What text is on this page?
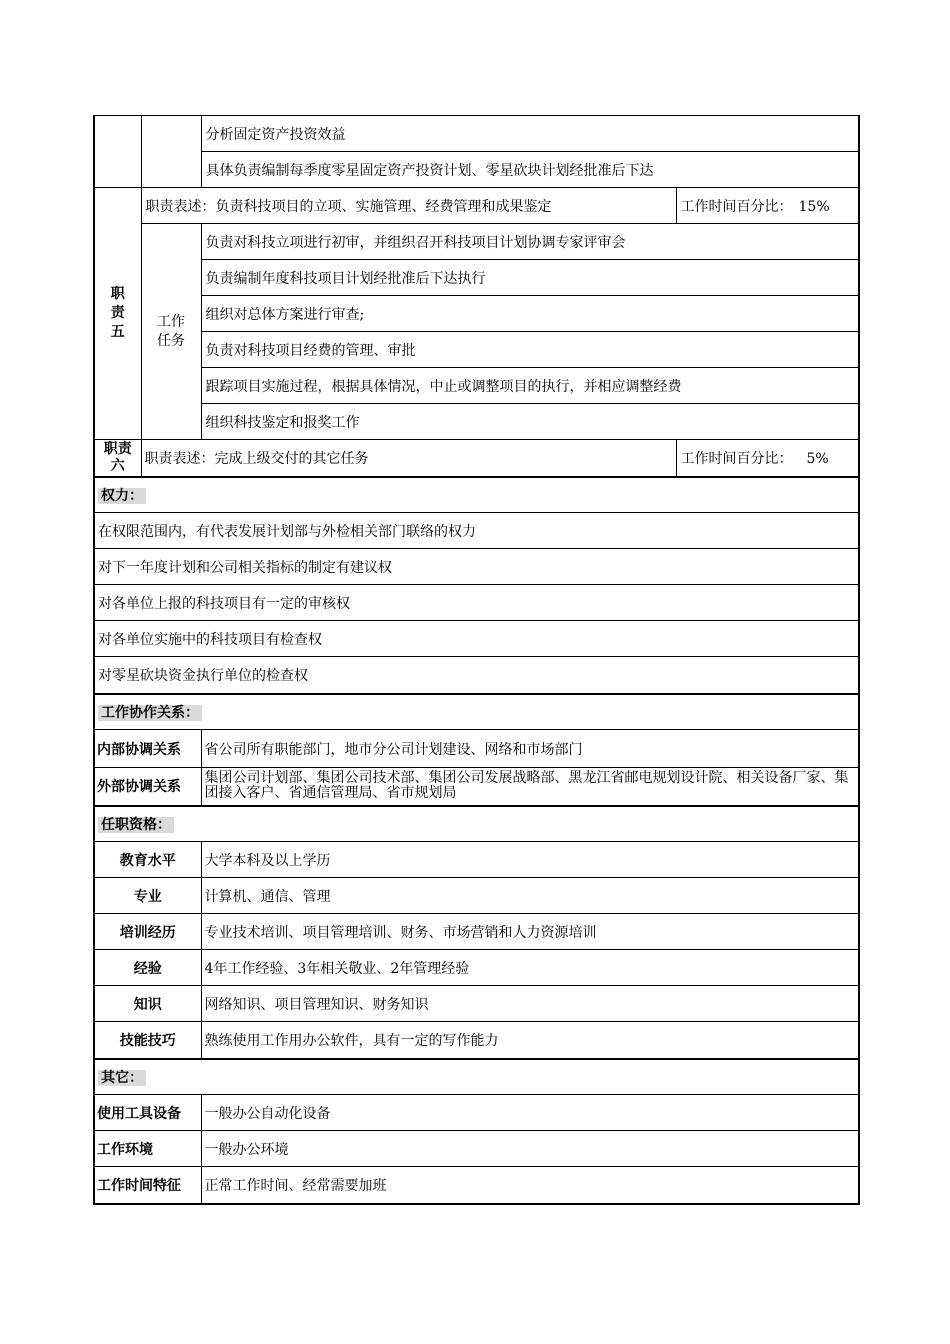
		分析固定资产投资效益	
		具体负责编制每季度零星固定资产投资计划、零星砍块计划经批准后下达	
职责五	职责表述：负责科技项目的立项、实施管理、经费管理和成果鉴定		工作时间百分比： 15%
	工作任务	负责对科技立项进行初审，并组织召开科技项目计划协调专家评审会	
		负责编制年度科技项目计划经批准后下达执行	
		组织对总体方案进行审查;	
		负责对科技项目经费的管理、审批	
		跟踪项目实施过程，根据具体情况，中止或调整项目的执行，并相应调整经费	
		组织科技鉴定和报奖工作	
职责六	职责表述：完成上级交付的其它任务		工作时间百分比： 5%
权力：			
在权限范围内，有代表发展计划部与外检相关部门联络的权力			
对下一年度计划和公司相关指标的制定有建议权			
对各单位上报的科技项目有一定的审核权			
对各单位实施中的科技项目有检查权			
对零星砍块资金执行单位的检查权			
工作协作关系：			
内部协调关系		省公司所有职能部门，地市分公司计划建设、网络和市场部门	
外部协调关系		集团公司计划部、集团公司技术部、集团公司发展战略部、黑龙江省邮电规划设计院、相关设备厂家、集团接入客户、省通信管理局、省市规划局	
任职资格：			
教育水平		大学本科及以上学历	
专业		计算机、通信、管理	
培训经历		专业技术培训、项目管理培训、财务、市场营销和人力资源培训	
经验		4年工作经验、3年相关敬业、2年管理经验	
知识		网络知识、项目管理知识、财务知识	
技能技巧		熟练使用工作用办公软件，具有一定的写作能力	
其它：			
使用工具设备		一般办公自动化设备	
工作环境		一般办公环境	
工作时间特征		正常工作时间、经常需要加班	
